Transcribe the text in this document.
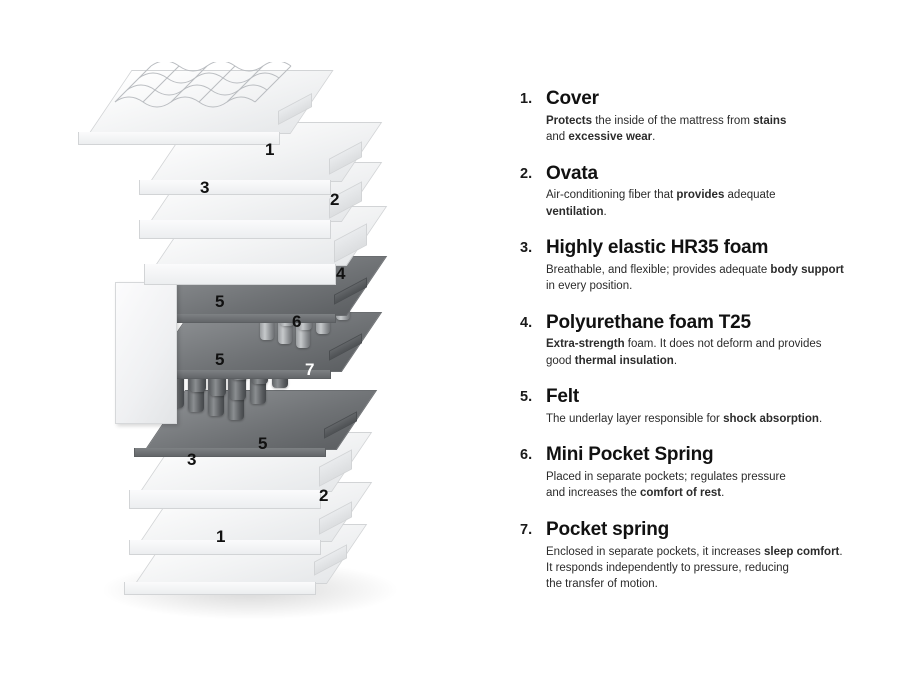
1
2
3
5
7
5
6
5
4
3
2
1
1. Cover
Protects the inside of the mattress from stains
and excessive wear.
2. Ovata
Air-conditioning fiber that provides adequate
ventilation.
3. Highly elastic HR35 foam
Breathable, and flexible; provides adequate body support
in every position.
4. Polyurethane foam T25
Extra-strength foam. It does not deform and provides
good thermal insulation.
5. Felt
The underlay layer responsible for shock absorption.
6. Mini Pocket Spring
Placed in separate pockets; regulates pressure
and increases the comfort of rest.
7. Pocket spring
Enclosed in separate pockets, it increases sleep comfort.
It responds independently to pressure, reducing
the transfer of motion.
